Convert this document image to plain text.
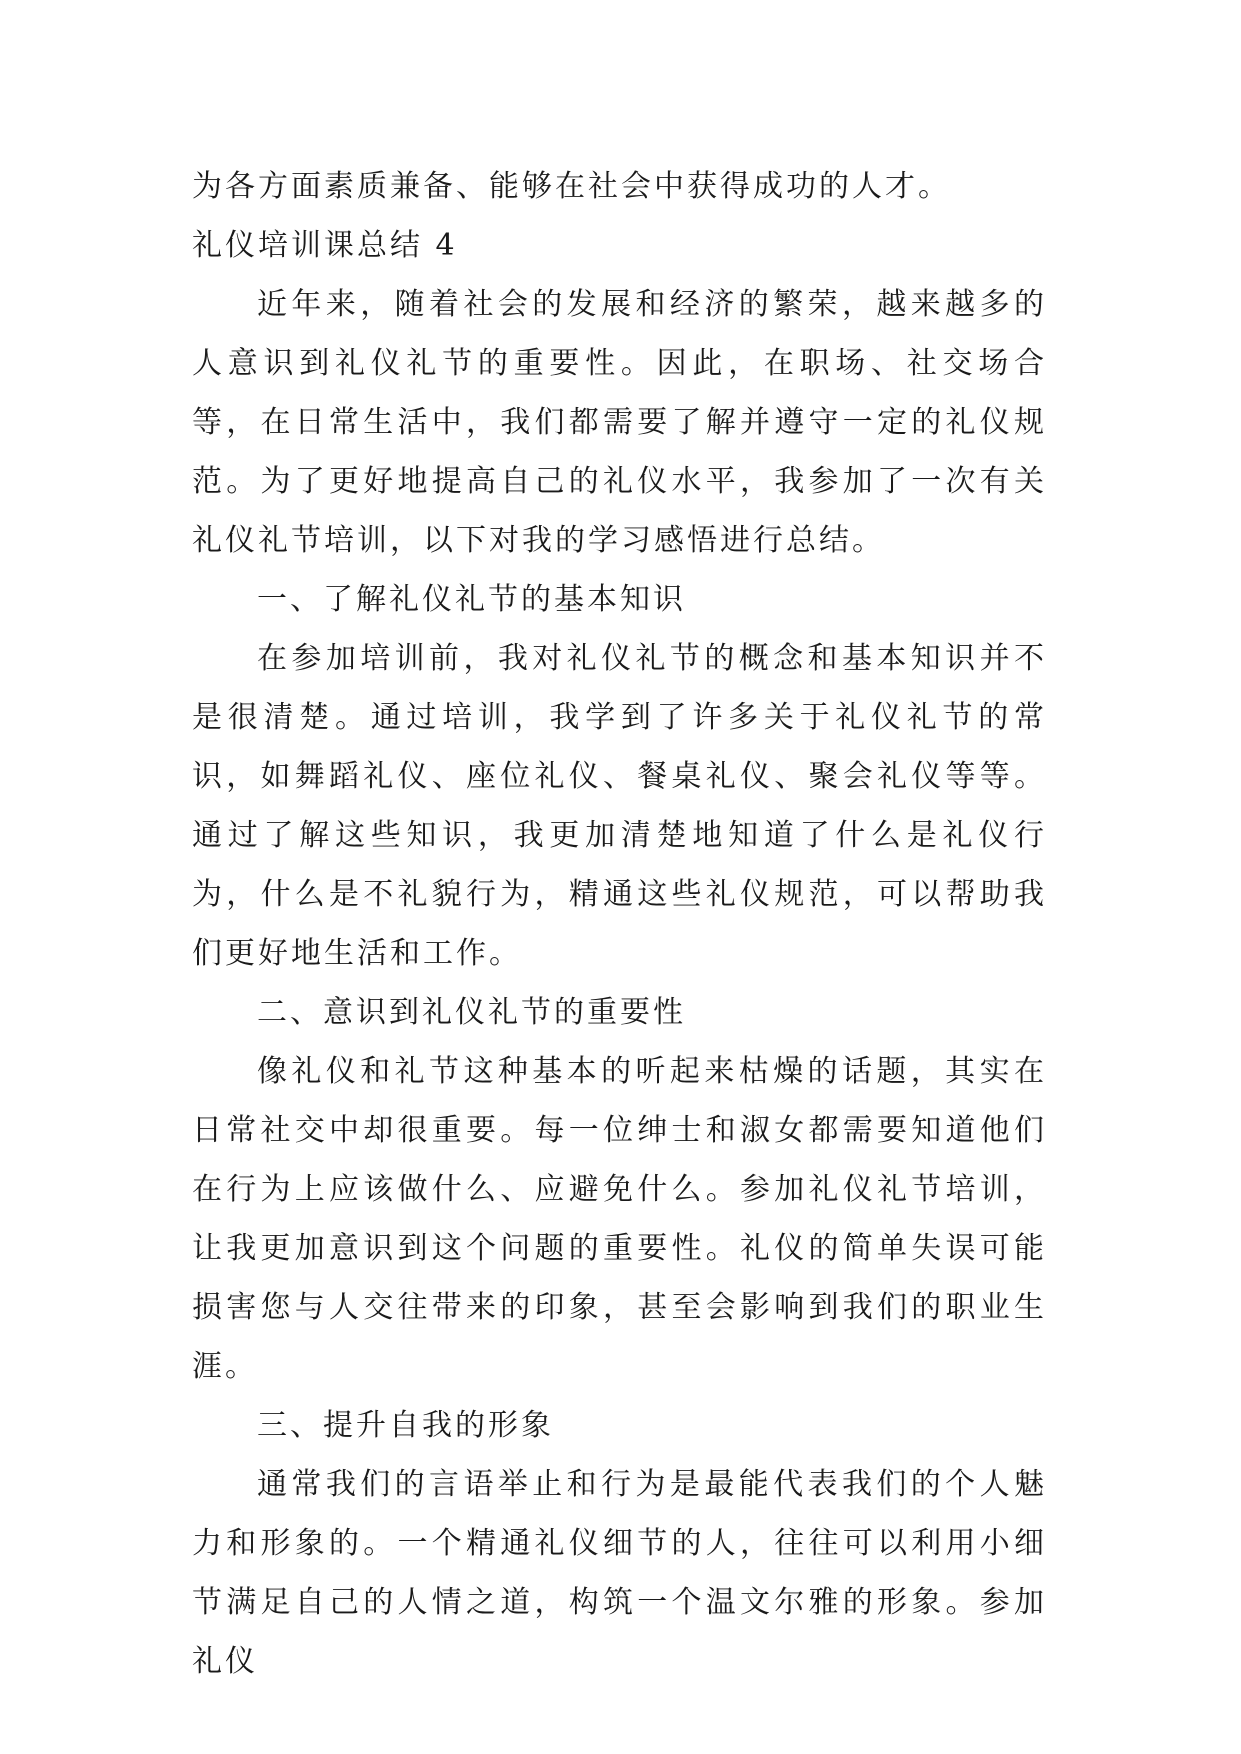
为各方面素质兼备、能够在社会中获得成功的人才。

礼仪培训课总结 4

近年来，随着社会的发展和经济的繁荣，越来越多的人意识到礼仪礼节的重要性。因此，在职场、社交场合等，在日常生活中，我们都需要了解并遵守一定的礼仪规范。为了更好地提高自己的礼仪水平，我参加了一次有关礼仪礼节培训，以下对我的学习感悟进行总结。

一、了解礼仪礼节的基本知识

在参加培训前，我对礼仪礼节的概念和基本知识并不是很清楚。通过培训，我学到了许多关于礼仪礼节的常识，如舞蹈礼仪、座位礼仪、餐桌礼仪、聚会礼仪等等。通过了解这些知识，我更加清楚地知道了什么是礼仪行为，什么是不礼貌行为，精通这些礼仪规范，可以帮助我们更好地生活和工作。

二、意识到礼仪礼节的重要性

像礼仪和礼节这种基本的听起来枯燥的话题，其实在日常社交中却很重要。每一位绅士和淑女都需要知道他们在行为上应该做什么、应避免什么。参加礼仪礼节培训，让我更加意识到这个问题的重要性。礼仪的简单失误可能损害您与人交往带来的印象，甚至会影响到我们的职业生涯。

三、提升自我的形象

通常我们的言语举止和行为是最能代表我们的个人魅力和形象的。一个精通礼仪细节的人，往往可以利用小细节满足自己的人情之道，构筑一个温文尔雅的形象。参加礼仪
